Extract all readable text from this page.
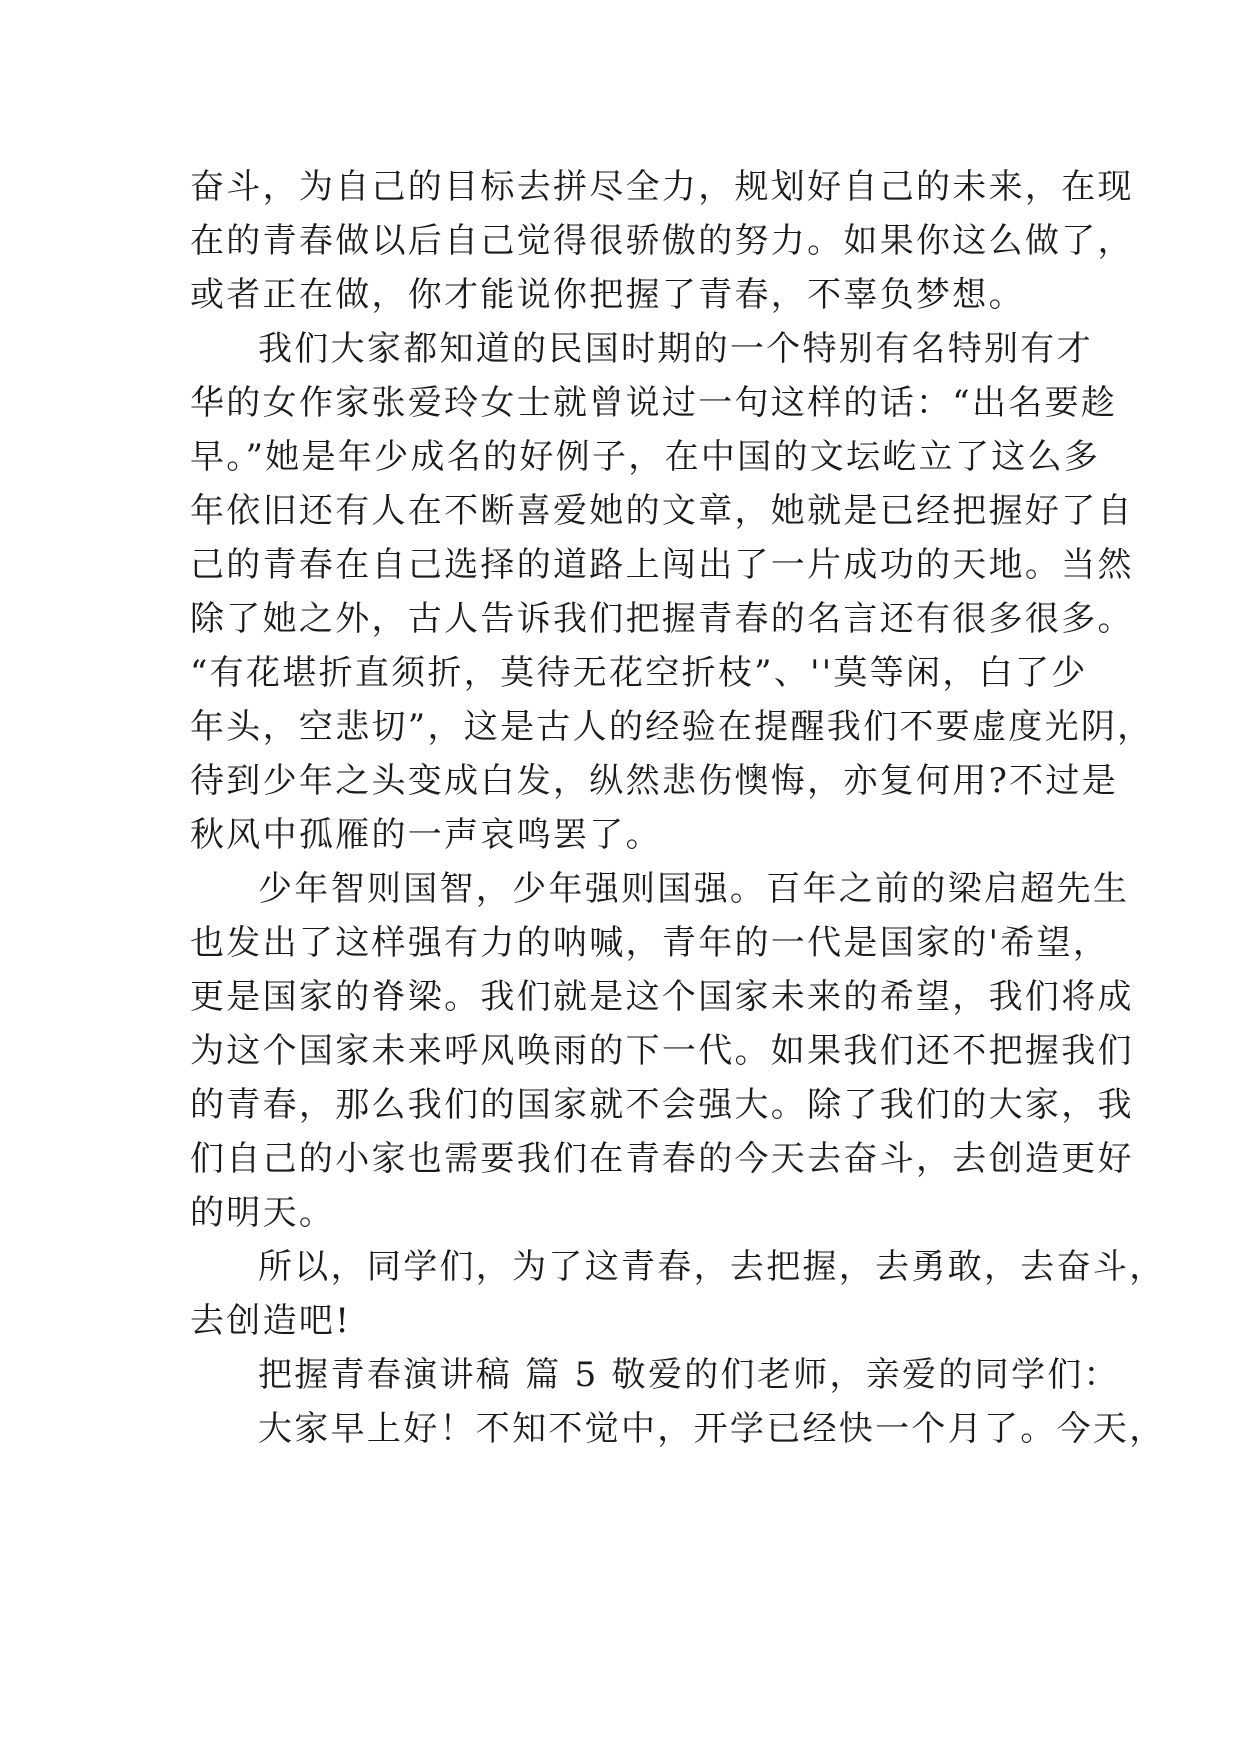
奋斗，为自己的目标去拼尽全力，规划好自己的未来，在现
在的青春做以后自己觉得很骄傲的努力。如果你这么做了，
或者正在做，你才能说你把握了青春，不辜负梦想。
我们大家都知道的民国时期的一个特别有名特别有才
华的女作家张爱玲女士就曾说过一句这样的话：“出名要趁
早。”她是年少成名的好例子，在中国的文坛屹立了这么多
年依旧还有人在不断喜爱她的文章，她就是已经把握好了自
己的青春在自己选择的道路上闯出了一片成功的天地。当然
除了她之外，古人告诉我们把握青春的名言还有很多很多。
“有花堪折直须折，莫待无花空折枝”、''莫等闲，白了少
年头，空悲切”，这是古人的经验在提醒我们不要虚度光阴，
待到少年之头变成白发，纵然悲伤懊悔，亦复何用?不过是
秋风中孤雁的一声哀鸣罢了。
少年智则国智，少年强则国强。百年之前的梁启超先生
也发出了这样强有力的呐喊，青年的一代是国家的'希望，
更是国家的脊梁。我们就是这个国家未来的希望，我们将成
为这个国家未来呼风唤雨的下一代。如果我们还不把握我们
的青春，那么我们的国家就不会强大。除了我们的大家，我
们自己的小家也需要我们在青春的今天去奋斗，去创造更好
的明天。
所以，同学们，为了这青春，去把握，去勇敢，去奋斗，
去创造吧!
把握青春演讲稿 篇 5 敬爱的们老师，亲爱的同学们：
大家早上好！不知不觉中，开学已经快一个月了。今天，
